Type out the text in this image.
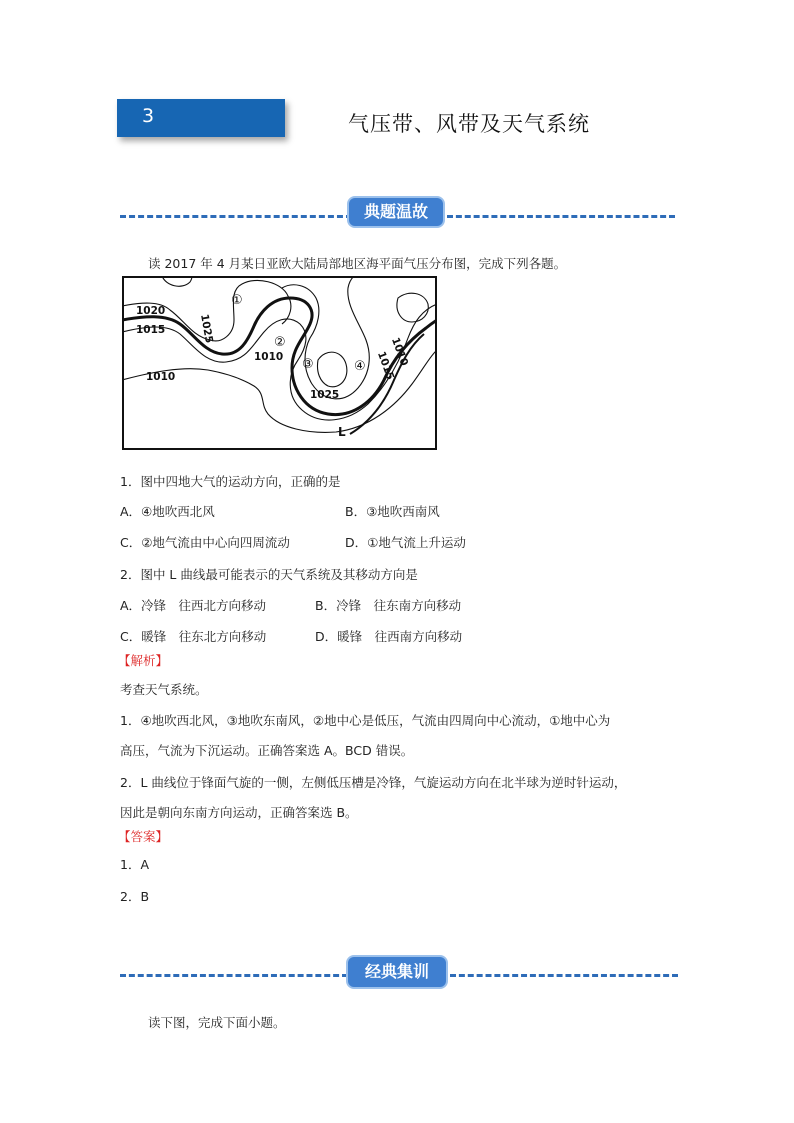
3	气压带、风带及天气系统
典题温故
读 2017 年 4 月某日亚欧大陆局部地区海平面气压分布图，完成下列各题。
1020
1015	1025
1010
1010
1025
1010
1015
①
②
③	④
L
1．图中四地大气的运动方向，正确的是
A．④地吹西北风	B．③地吹西南风
C．②地气流由中心向四周流动	D．①地气流上升运动
2．图中 L 曲线最可能表示的天气系统及其移动方向是
A．冷锋　往西北方向移动	B．冷锋　往东南方向移动
C．暖锋　往东北方向移动	D．暖锋　往西南方向移动
【解析】
考查天气系统。
1．④地吹西北风，③地吹东南风，②地中心是低压，气流由四周向中心流动，①地中心为
高压，气流为下沉运动。正确答案选 A。BCD 错误。
2．L 曲线位于锋面气旋的一侧，左侧低压槽是冷锋，气旋运动方向在北半球为逆时针运动，
因此是朝向东南方向运动，正确答案选 B。
【答案】
1．A
2．B
经典集训
读下图，完成下面小题。
